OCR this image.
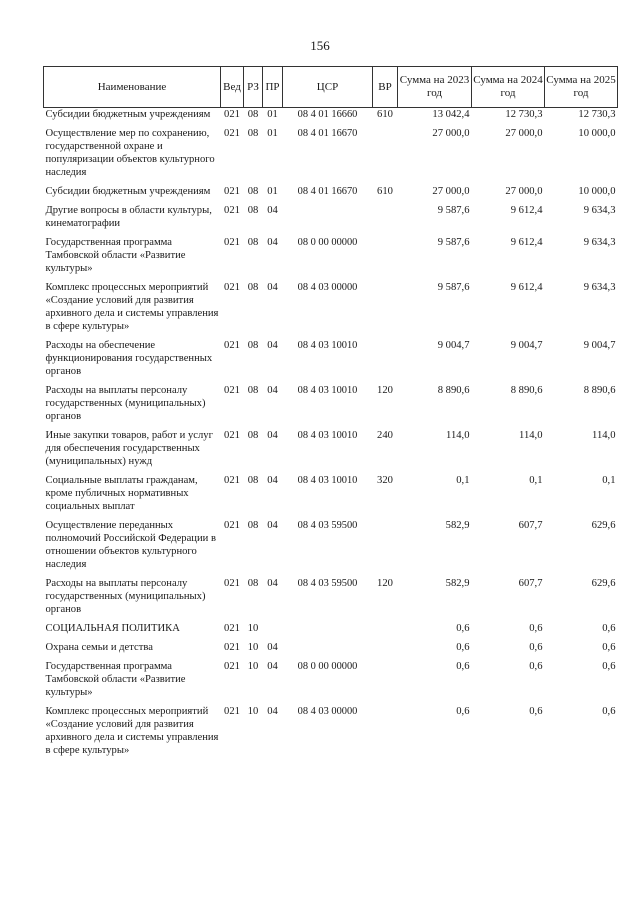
156
Наименование	Вед	РЗ	ПР	ЦСР	ВР	Сумма на 2023 год	Сумма на 2024 год	Сумма на 2025 год
Субсидии бюджетным учреждениям	021	08	01	08 4 01 16660	610	13 042,4	12 730,3	12 730,3
Осуществление мер по сохранению, государственной охране и популяризации объектов культурного наследия	021	08	01	08 4 01 16670		27 000,0	27 000,0	10 000,0
Субсидии бюджетным учреждениям	021	08	01	08 4 01 16670	610	27 000,0	27 000,0	10 000,0
Другие вопросы в области культуры, кинематографии	021	08	04			9 587,6	9 612,4	9 634,3
Государственная программа Тамбовской области «Развитие культуры»	021	08	04	08 0 00 00000		9 587,6	9 612,4	9 634,3
Комплекс процессных мероприятий «Создание условий для развития архивного дела и системы управления в сфере культуры»	021	08	04	08 4 03 00000		9 587,6	9 612,4	9 634,3
Расходы на обеспечение функционирования государственных органов	021	08	04	08 4 03 10010		9 004,7	9 004,7	9 004,7
Расходы на выплаты персоналу государственных (муниципальных) органов	021	08	04	08 4 03 10010	120	8 890,6	8 890,6	8 890,6
Иные закупки товаров, работ и услуг для обеспечения государственных (муниципальных) нужд	021	08	04	08 4 03 10010	240	114,0	114,0	114,0
Социальные выплаты гражданам, кроме публичных нормативных социальных выплат	021	08	04	08 4 03 10010	320	0,1	0,1	0,1
Осуществление переданных полномочий Российской Федерации в отношении объектов культурного наследия	021	08	04	08 4 03 59500		582,9	607,7	629,6
Расходы на выплаты персоналу государственных (муниципальных) органов	021	08	04	08 4 03 59500	120	582,9	607,7	629,6
СОЦИАЛЬНАЯ ПОЛИТИКА	021	10				0,6	0,6	0,6
Охрана семьи и детства	021	10	04			0,6	0,6	0,6
Государственная программа Тамбовской области «Развитие культуры»	021	10	04	08 0 00 00000		0,6	0,6	0,6
Комплекс процессных мероприятий «Создание условий для развития архивного дела и системы управления в сфере культуры»	021	10	04	08 4 03 00000		0,6	0,6	0,6
